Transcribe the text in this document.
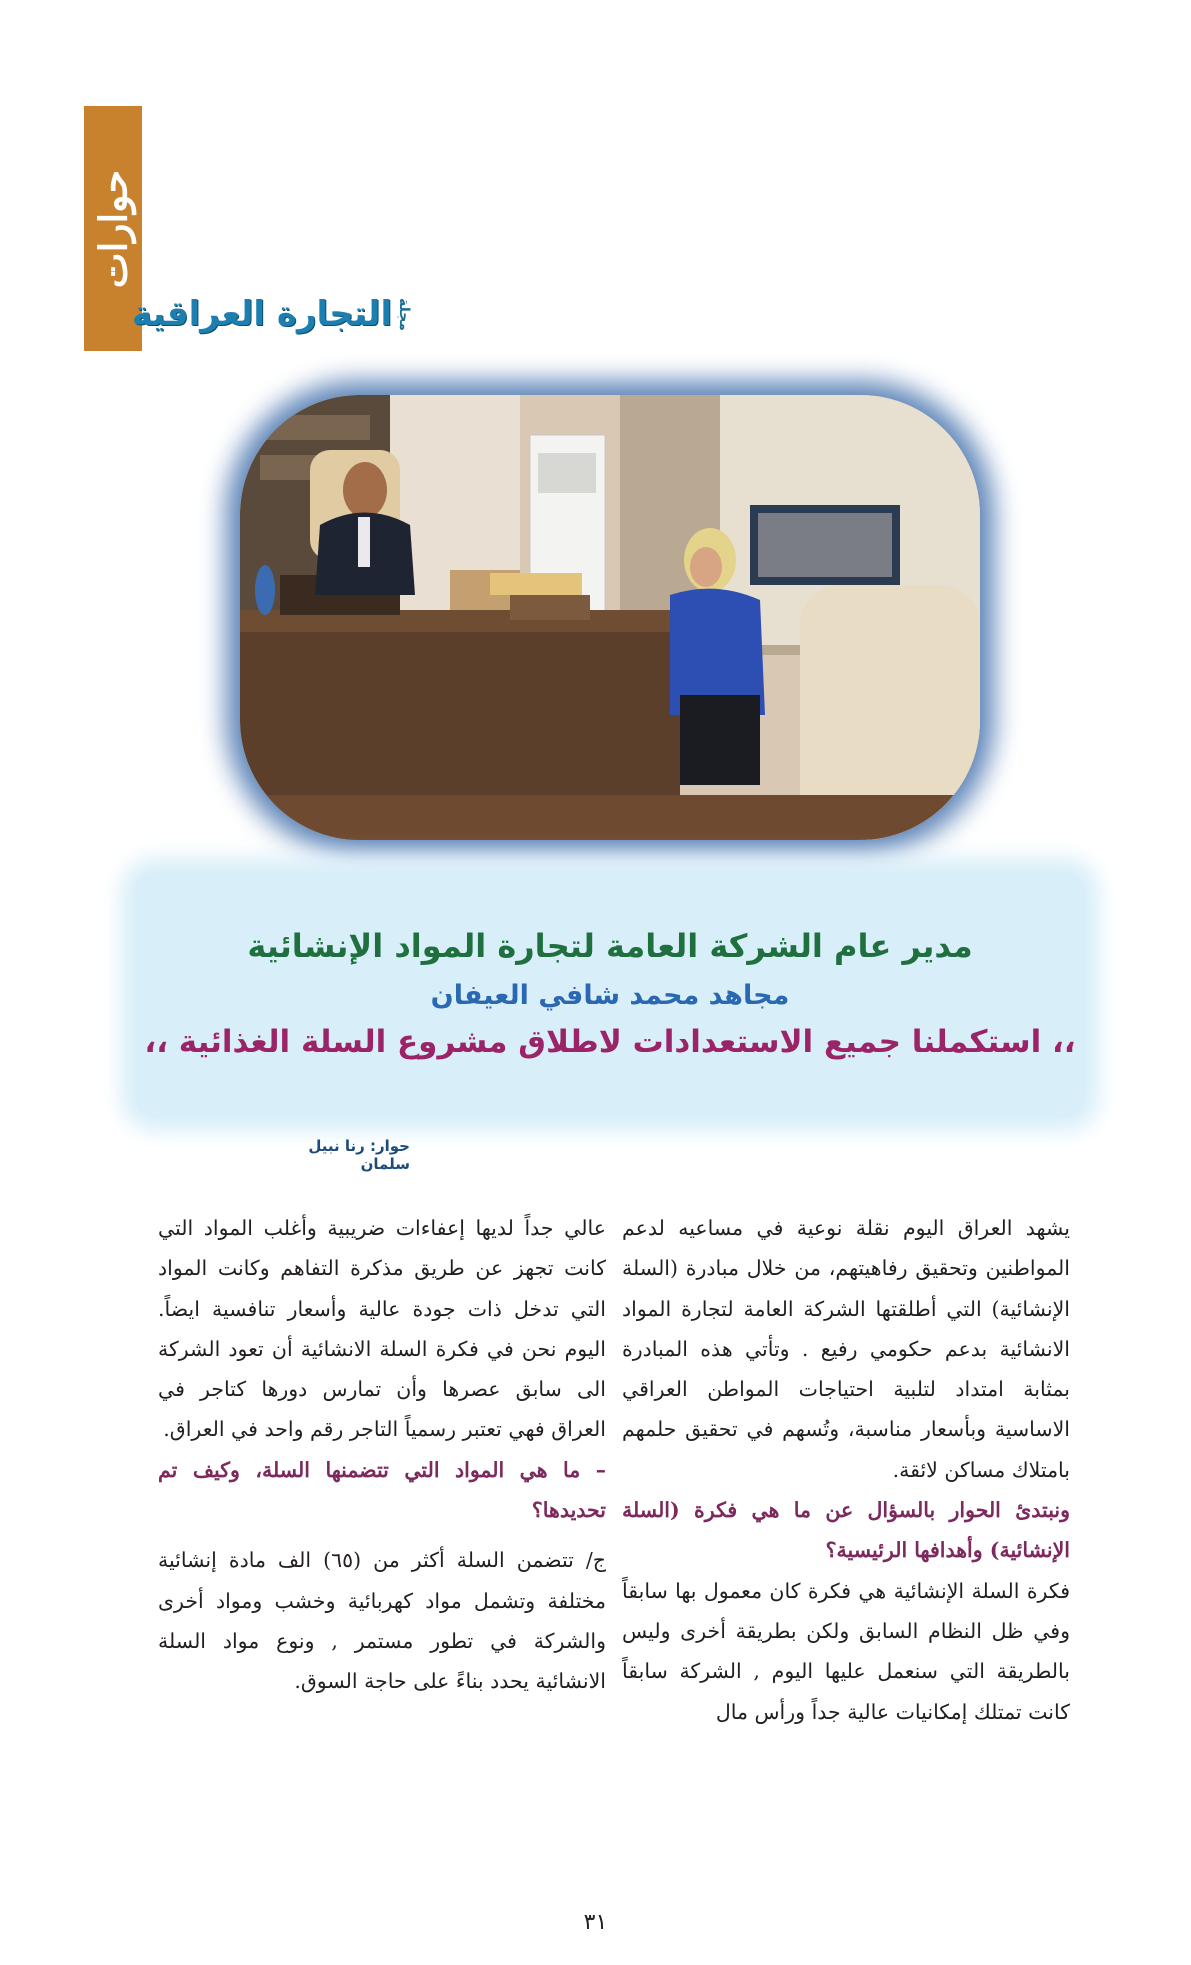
حوارات
مجلة
التجارة العراقية
مدير عام الشركة العامة لتجارة المواد الإنشائية
مجاهد محمد شافي العيفان
،، استكملنا جميع الاستعدادات لاطلاق مشروع السلة الغذائية ،،
حوار: رنا نبيل سلمان

يشهد العراق اليوم نقلة نوعية في مساعيه لدعم المواطنين وتحقيق رفاهيتهم، من خلال مبادرة (السلة الإنشائية) التي أطلقتها الشركة العامة لتجارة المواد الانشائية بدعم حكومي رفيع . وتأتي هذه المبادرة بمثابة امتداد لتلبية احتياجات المواطن العراقي الاساسية وبأسعار مناسبة، وتُسهم في تحقيق حلمهم بامتلاك مساكن لائقة.

ونبتدئ الحوار بالسؤال عن ما هي فكرة (السلة الإنشائية) وأهدافها الرئيسية؟

فكرة السلة الإنشائية هي فكرة كان معمول بها سابقاً وفي ظل النظام السابق ولكن بطريقة أخرى وليس بالطريقة التي سنعمل عليها اليوم , الشركة سابقاً كانت تمتلك إمكانيات عالية جداً ورأس مال

عالي جداً لديها إعفاءات ضريبية وأغلب المواد التي كانت تجهز عن طريق مذكرة التفاهم وكانت المواد التي تدخل ذات جودة عالية وأسعار تنافسية ايضاً. اليوم نحن في فكرة السلة الانشائية أن تعود الشركة الى سابق عصرها وأن تمارس دورها كتاجر في العراق فهي تعتبر رسمياً التاجر رقم واحد في العراق.

– ما هي المواد التي تتضمنها السلة، وكيف تم تحديدها؟

ج/ تتضمن السلة أكثر من (٦٥) الف مادة إنشائية مختلفة وتشمل مواد كهربائية وخشب ومواد أخرى والشركة في تطور مستمر , ونوع مواد السلة الانشائية يحدد بناءً على حاجة السوق.

٣١
